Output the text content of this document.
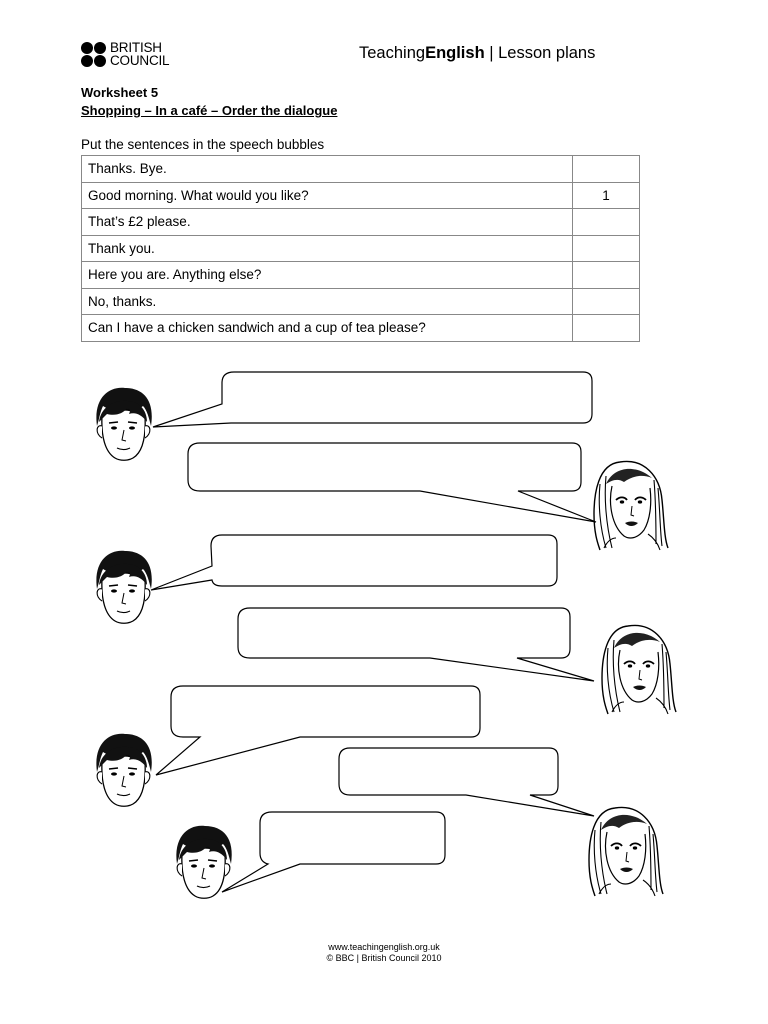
BRITISH
COUNCIL	TeachingEnglish | Lesson plans
Worksheet 5
Shopping – In a café – Order the dialogue
Put the sentences in the speech bubbles
Thanks. Bye.	
Good morning. What would you like?	1
That’s £2 please.	
Thank you.	
Here you are. Anything else?	
No, thanks.	
Can I have a chicken sandwich and a cup of tea please?	
www.teachingenglish.org.uk
© BBC | British Council 2010
